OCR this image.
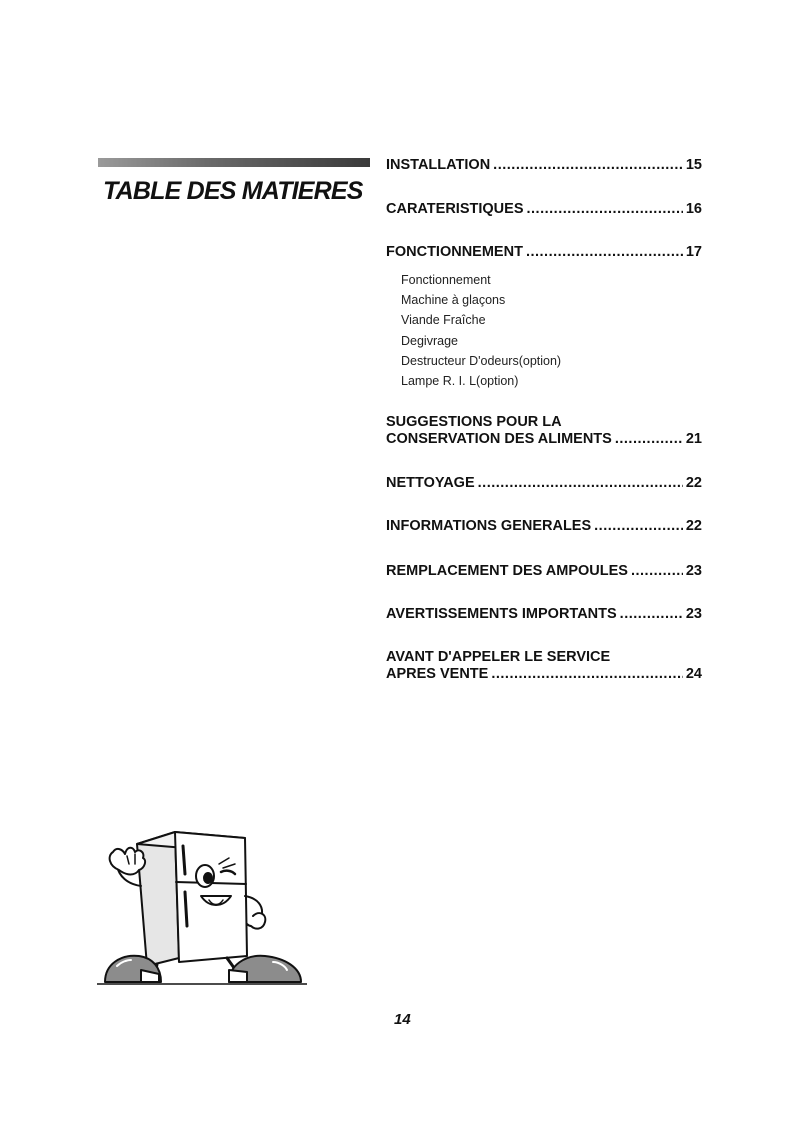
TABLE DES MATIERES
INSTALLATION .....	15
CARATERISTIQUES .....	16
FONCTIONNEMENT .....	17
SUGGESTIONS POUR LA
CONSERVATION DES ALIMENTS .....	21
NETTOYAGE .....	22
INFORMATIONS GENERALES .....	22
REMPLACEMENT DES AMPOULES .....	23
AVERTISSEMENTS IMPORTANTS .....	23
AVANT D'APPELER LE SERVICE
APRES VENTE .....	24
Fonctionnement
Machine à glaçons
Viande Fraîche
Degivrage
Destructeur D'odeurs(option)
Lampe R. I. L(option)
14
